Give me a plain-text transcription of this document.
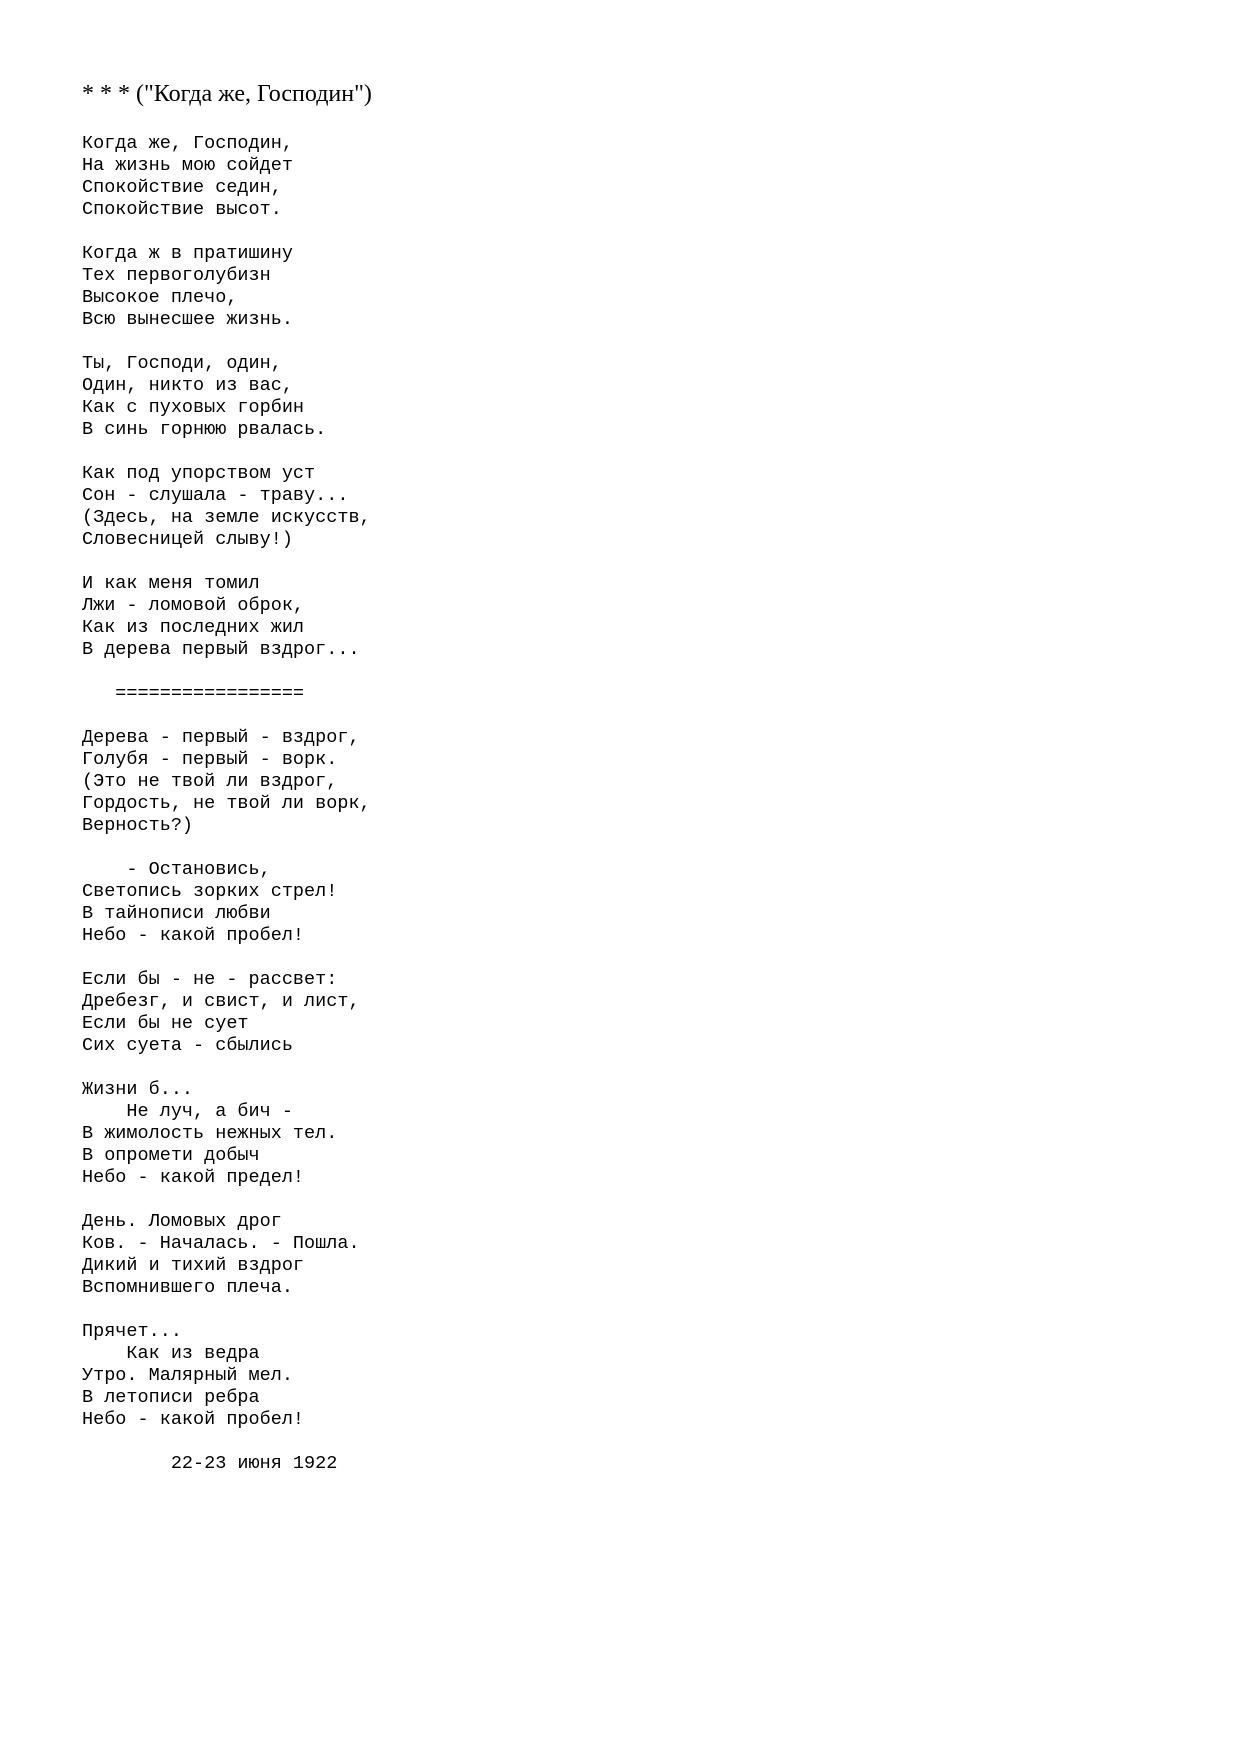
* * * ("Когда же, Господин")
Когда же, Господин,
На жизнь мою сойдет
Спокойствие седин,
Спокойствие высот.
Когда ж в пратишину
Тех первоголубизн
Высокое плечо,
Всю вынесшее жизнь.
Ты, Господи, один,
Один, никто из вас,
Как с пуховых горбин
В синь горнюю рвалась.
Как под упорством уст
Сон - слушала - траву...
(Здесь, на земле искусств,
Словесницей слыву!)
И как меня томил
Лжи - ломовой оброк,
Как из последних жил
В дерева первый вздрог...
=================
Дерева - первый - вздрог,
Голубя - первый - ворк.
(Это не твой ли вздрог,
Гордость, не твой ли ворк,
Верность?)
- Остановись,
Светопись зорких стрел!
В тайнописи любви
Небо - какой пробел!
Если бы - не - рассвет:
Дребезг, и свист, и лист,
Если бы не сует
Сих суета - сбылись
Жизни б...
Не луч, а бич -
В жимолость нежных тел.
В опромети добыч
Небо - какой предел!
День. Ломовых дрог
Ков. - Началась. - Пошла.
Дикий и тихий вздрог
Вспомнившего плеча.
Прячет...
Как из ведра
Утро. Малярный мел.
В летописи ребра
Небо - какой пробел!
22-23 июня 1922
